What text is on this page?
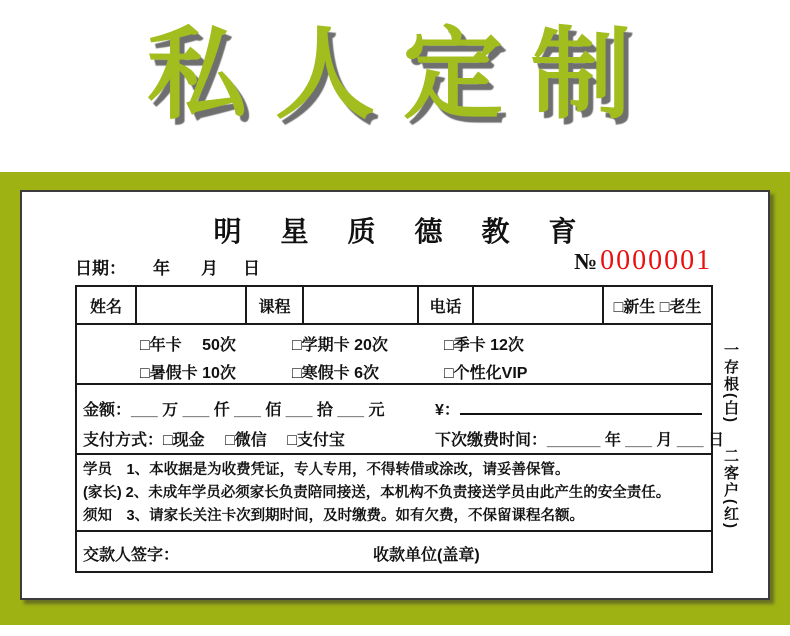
私人定制
明 星 质 德 教 育
日期： 年 月 日	№ 0000001
姓名	课程	电话	□新生 □老生
□年卡　 50次	□学期卡 20次	□季卡 12次
□暑假卡 10次	□寒假卡 6次	□个性化VIP
金额：___ 万 ___ 仟 ___ 佰 ___ 拾 ___ 元	¥：
支付方式：□现金　 □微信　 □支付宝	下次缴费时间：______ 年 ___ 月 ___ 日
学员　1、本收据是为收费凭证，专人专用，不得转借或涂改，请妥善保管。
(家长) 2、未成年学员必须家长负责陪同接送，本机构不负责接送学员由此产生的安全责任。
须知　3、请家长关注卡次到期时间，及时缴费。如有欠费，不保留课程名额。
交款人签字：	收款单位(盖章)
一存根(白) 二客户(红)
